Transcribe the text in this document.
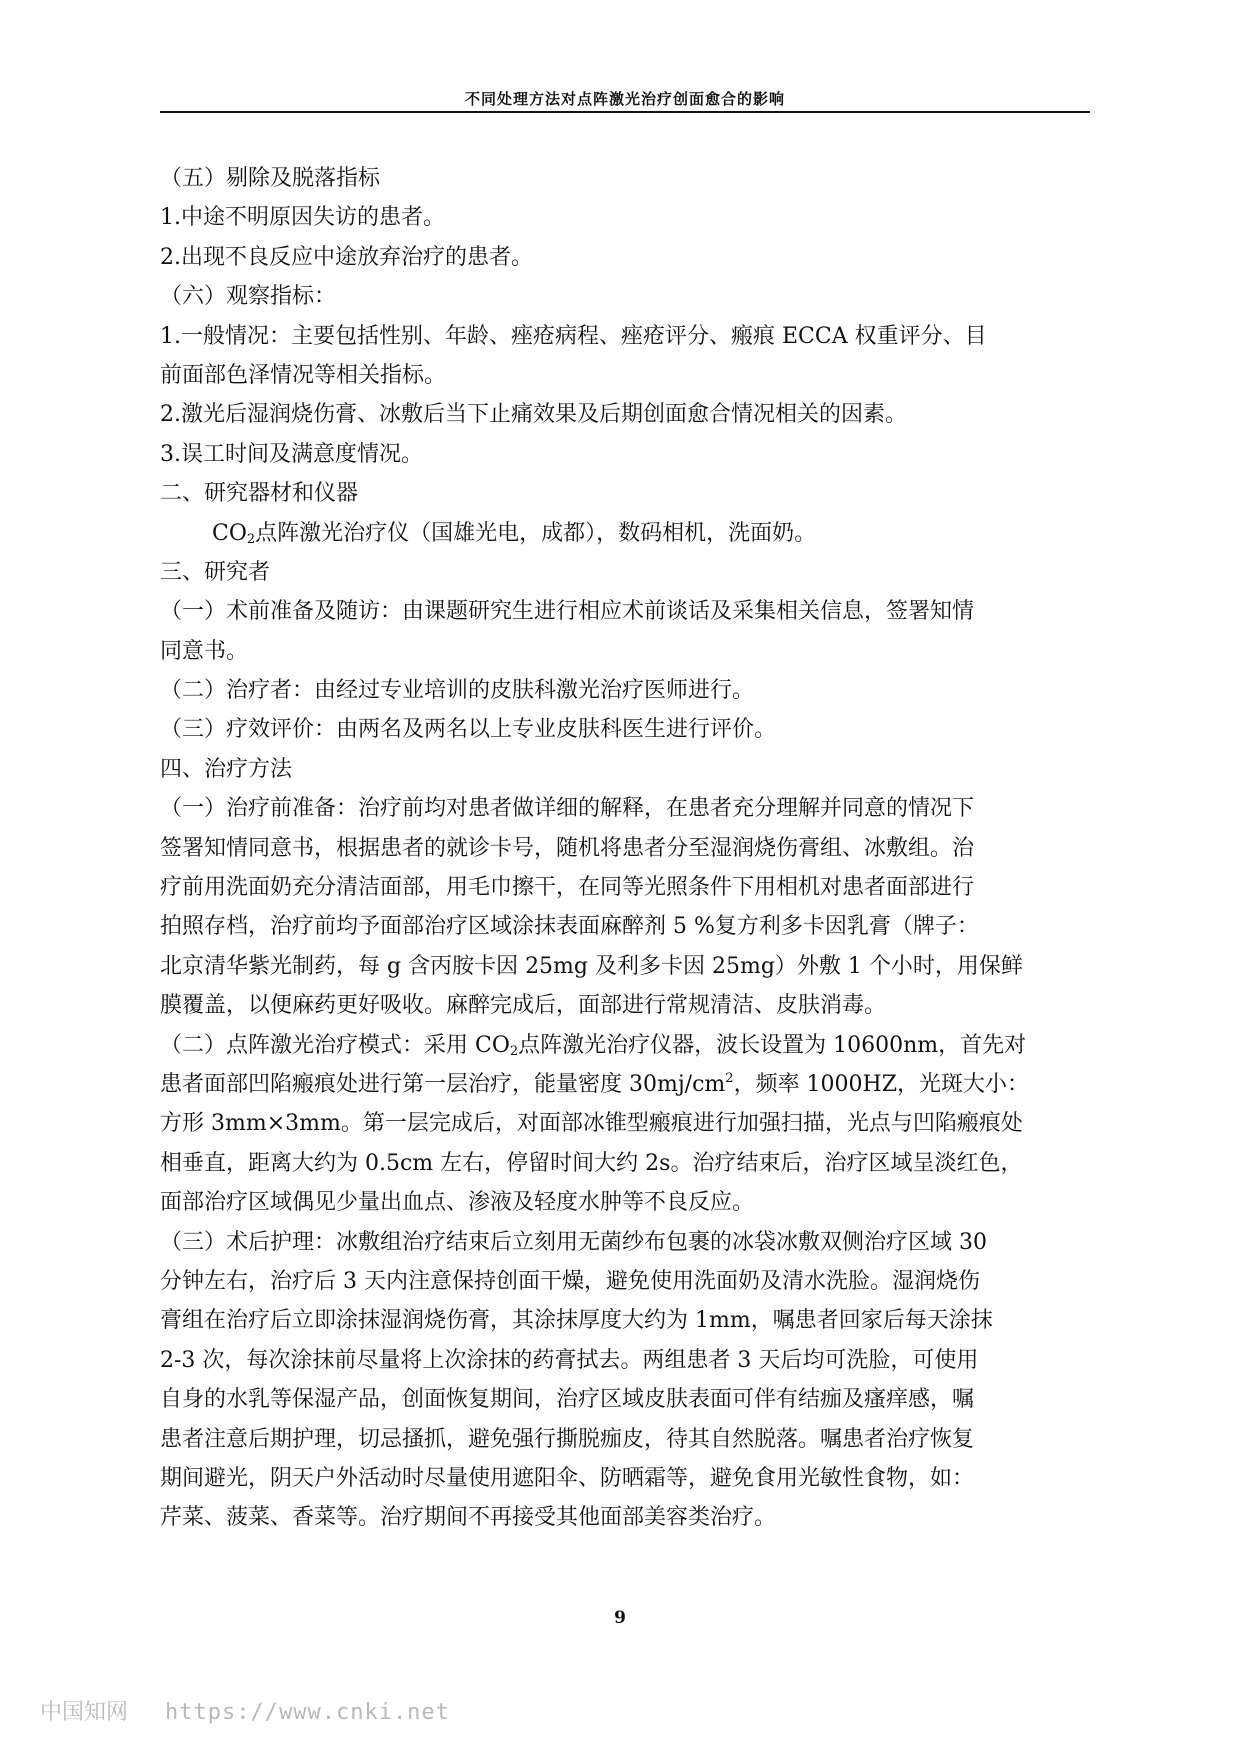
不同处理方法对点阵激光治疗创面愈合的影响
（五）剔除及脱落指标
1.中途不明原因失访的患者。
2.出现不良反应中途放弃治疗的患者。
（六）观察指标：
1.一般情况：主要包括性别、年龄、痤疮病程、痤疮评分、瘢痕 ECCA 权重评分、目
前面部色泽情况等相关指标。
2.激光后湿润烧伤膏、冰敷后当下止痛效果及后期创面愈合情况相关的因素。
3.误工时间及满意度情况。
二、研究器材和仪器
$CO_2$点阵激光治疗仪（国雄光电，成都），数码相机，洗面奶。
三、研究者
（一）术前准备及随访：由课题研究生进行相应术前谈话及采集相关信息，签署知情
同意书。
（二）治疗者：由经过专业培训的皮肤科激光治疗医师进行。
（三）疗效评价：由两名及两名以上专业皮肤科医生进行评价。
四、治疗方法
（一）治疗前准备：治疗前均对患者做详细的解释，在患者充分理解并同意的情况下
签署知情同意书，根据患者的就诊卡号，随机将患者分至湿润烧伤膏组、冰敷组。治
疗前用洗面奶充分清洁面部，用毛巾擦干，在同等光照条件下用相机对患者面部进行
拍照存档，治疗前均予面部治疗区域涂抹表面麻醉剂 5 %复方利多卡因乳膏（牌子：
北京清华紫光制药，每 g 含丙胺卡因 25mg 及利多卡因 25mg）外敷 1 个小时，用保鲜
膜覆盖，以便麻药更好吸收。麻醉完成后，面部进行常规清洁、皮肤消毒。
（二）点阵激光治疗模式：采用 $CO_2$点阵激光治疗仪器，波长设置为 10600nm，首先对
患者面部凹陷瘢痕处进行第一层治疗，能量密度 $30mj/cm^2$，频率 1000HZ，光斑大小：
方形 3mm×3mm。第一层完成后，对面部冰锥型瘢痕进行加强扫描，光点与凹陷瘢痕处
相垂直，距离大约为 0.5cm 左右，停留时间大约 2s。治疗结束后，治疗区域呈淡红色，
面部治疗区域偶见少量出血点、渗液及轻度水肿等不良反应。
（三）术后护理：冰敷组治疗结束后立刻用无菌纱布包裹的冰袋冰敷双侧治疗区域 30
分钟左右，治疗后 3 天内注意保持创面干燥，避免使用洗面奶及清水洗脸。湿润烧伤
膏组在治疗后立即涂抹湿润烧伤膏，其涂抹厚度大约为 1mm，嘱患者回家后每天涂抹
2-3 次，每次涂抹前尽量将上次涂抹的药膏拭去。两组患者 3 天后均可洗脸，可使用
自身的水乳等保湿产品，创面恢复期间，治疗区域皮肤表面可伴有结痂及瘙痒感，嘱
患者注意后期护理，切忌搔抓，避免强行撕脱痂皮，待其自然脱落。嘱患者治疗恢复
期间避光，阴天户外活动时尽量使用遮阳伞、防晒霜等，避免食用光敏性食物，如：
芹菜、菠菜、香菜等。治疗期间不再接受其他面部美容类治疗。
9
中国知网 https://www.cnki.net
